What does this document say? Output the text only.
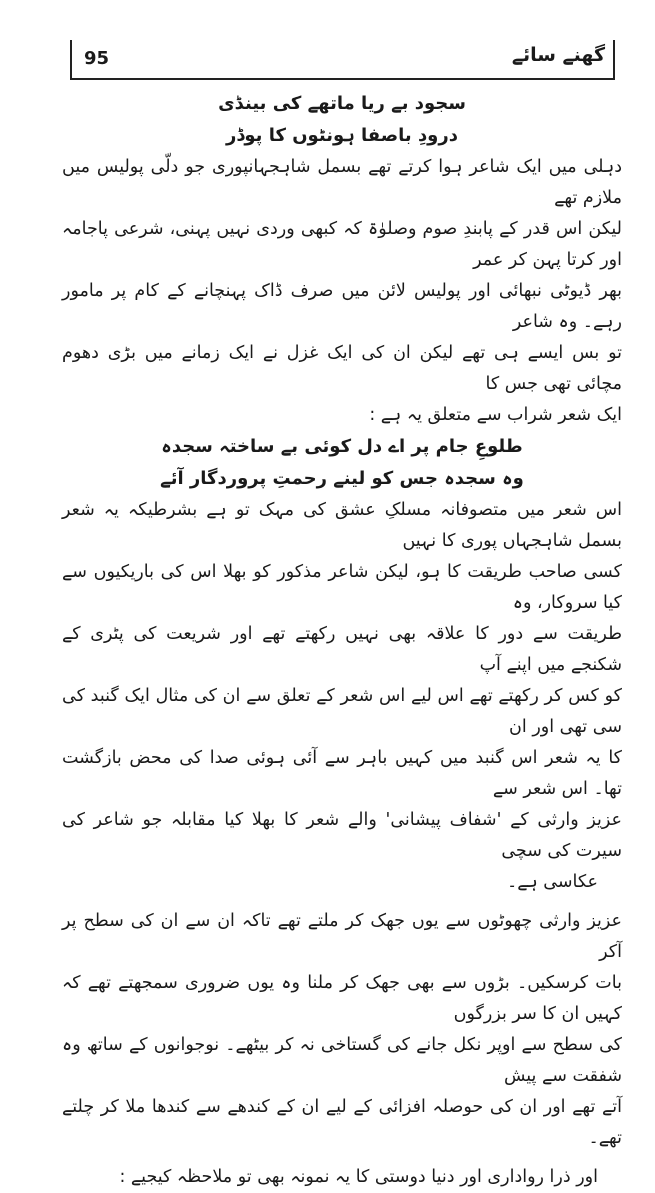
95	گھنے سائے

سجود بے ریا ماتھے کی بینڈی

درودِ باصفا ہونٹوں کا پوڈر

دہلی میں ایک شاعر ہوا کرتے تھے بسمل شاہجہانپوری جو دلّی پولیس میں ملازم تھے

لیکن اس قدر کے پابندِ صوم وصلوٰۃ کہ کبھی وردی نہیں پہنی، شرعی پاجامہ اور کرتا پہن کر عمر

بھر ڈیوٹی نبھائی اور پولیس لائن میں صرف ڈاک پہنچانے کے کام پر مامور رہے۔ وہ شاعر

تو بس ایسے ہی تھے لیکن ان کی ایک غزل نے ایک زمانے میں بڑی دھوم مچائی تھی جس کا

ایک شعر شراب سے متعلق یہ ہے :

طلوعِ جام پر اے دل کوئی بے ساختہ سجدہ

وہ سجدہ جس کو لینے رحمتِ پروردگار آئے

اس شعر میں متصوفانہ مسلکِ عشق کی مہک تو ہے بشرطیکہ یہ شعر بسمل شاہجہاں پوری کا نہیں

کسی صاحب طریقت کا ہو، لیکن شاعر مذکور کو بھلا اس کی باریکیوں سے کیا سروکار، وہ

طریقت سے دور کا علاقہ بھی نہیں رکھتے تھے اور شریعت کی پٹری کے شکنجے میں اپنے آپ

کو کس کر رکھتے تھے اس لیے اس شعر کے تعلق سے ان کی مثال ایک گنبد کی سی تھی اور ان

کا یہ شعر اس گنبد میں کہیں باہر سے آئی ہوئی صدا کی محض بازگشت تھا۔ اس شعر سے

عزیز وارثی کے 'شفاف پیشانی' والے شعر کا بھلا کیا مقابلہ جو شاعر کی سیرت کی سچی

عکاسی ہے۔

عزیز وارثی چھوٹوں سے یوں جھک کر ملتے تھے تاکہ ان سے ان کی سطح پر آکر

بات کرسکیں۔ بڑوں سے بھی جھک کر ملنا وہ یوں ضروری سمجھتے تھے کہ کہیں ان کا سر بزرگوں

کی سطح سے اوپر نکل جانے کی گستاخی نہ کر بیٹھے۔ نوجوانوں کے ساتھ وہ شفقت سے پیش

آتے تھے اور ان کی حوصلہ افزائی کے لیے ان کے کندھے سے کندھا ملا کر چلتے تھے۔

اور ذرا رواداری اور دنیا دوستی کا یہ نمونہ بھی تو ملاحظہ کیجیے :
